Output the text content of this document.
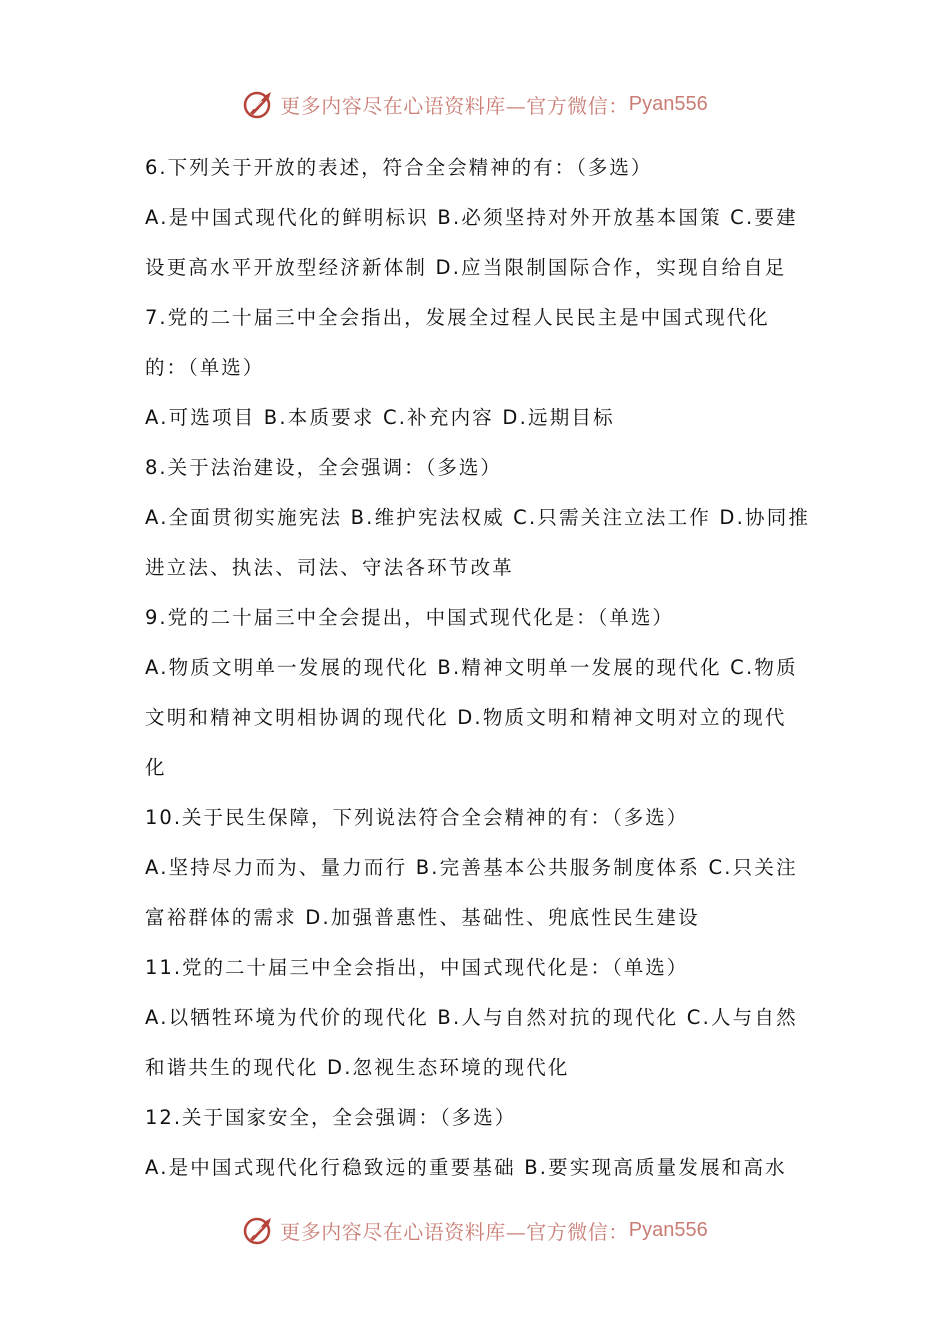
更多内容尽在心语资料库—官方微信： Pyan556
6.下列关于开放的表述，符合全会精神的有：（多选）
A.是中国式现代化的鲜明标识 B.必须坚持对外开放基本国策 C.要建
设更高水平开放型经济新体制 D.应当限制国际合作，实现自给自足
7.党的二十届三中全会指出，发展全过程人民民主是中国式现代化
的：（单选）
A.可选项目 B.本质要求 C.补充内容 D.远期目标
8.关于法治建设，全会强调：（多选）
A.全面贯彻实施宪法 B.维护宪法权威 C.只需关注立法工作 D.协同推
进立法、执法、司法、守法各环节改革
9.党的二十届三中全会提出，中国式现代化是：（单选）
A.物质文明单一发展的现代化 B.精神文明单一发展的现代化 C.物质
文明和精神文明相协调的现代化 D.物质文明和精神文明对立的现代
化
10.关于民生保障，下列说法符合全会精神的有：（多选）
A.坚持尽力而为、量力而行 B.完善基本公共服务制度体系 C.只关注
富裕群体的需求 D.加强普惠性、基础性、兜底性民生建设
11.党的二十届三中全会指出，中国式现代化是：（单选）
A.以牺牲环境为代价的现代化 B.人与自然对抗的现代化 C.人与自然
和谐共生的现代化 D.忽视生态环境的现代化
12.关于国家安全，全会强调：（多选）
A.是中国式现代化行稳致远的重要基础 B.要实现高质量发展和高水
更多内容尽在心语资料库—官方微信： Pyan556
